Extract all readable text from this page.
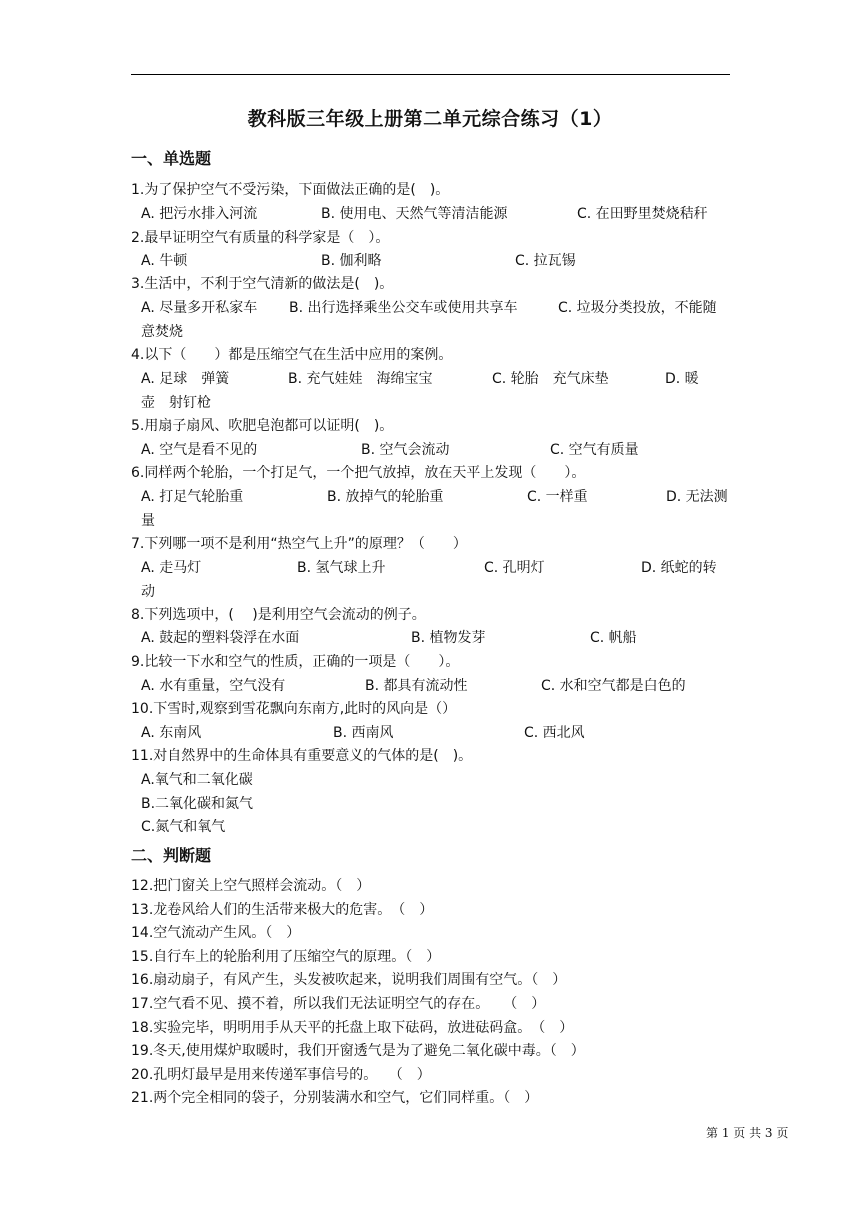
教科版三年级上册第二单元综合练习（1）
一、单选题
1.为了保护空气不受污染，下面做法正确的是(　)。
A. 把污水排入河流	B. 使用电、天然气等清洁能源	C. 在田野里焚烧秸秆
2.最早证明空气有质量的科学家是（　）。
A. 牛顿	B. 伽利略	C. 拉瓦锡
3.生活中，不利于空气清新的做法是(　)。
A. 尽量多开私家车 B. 出行选择乘坐公交车或使用共享车	C. 垃圾分类投放，不能随
意焚烧
4.以下（　　）都是压缩空气在生活中应用的案例。
A. 足球　弹簧	B. 充气娃娃　海绵宝宝	C. 轮胎　充气床垫	D. 暖
壶　射钉枪
5.用扇子扇风、吹肥皂泡都可以证明(　)。
A. 空气是看不见的	B. 空气会流动	C. 空气有质量
6.同样两个轮胎，一个打足气，一个把气放掉，放在天平上发现（　　）。
A. 打足气轮胎重	B. 放掉气的轮胎重	C. 一样重	D. 无法测
量
7.下列哪一项不是利用“热空气上升”的原理？（　　）
A. 走马灯	B. 氢气球上升	C. 孔明灯	D. 纸蛇的转
动
8.下列选项中，(　 )是利用空气会流动的例子。
A. 鼓起的塑料袋浮在水面	B. 植物发芽	C. 帆船
9.比较一下水和空气的性质，正确的一项是（　　）。
A. 水有重量，空气没有	B. 都具有流动性	C. 水和空气都是白色的
10.下雪时,观察到雪花飘向东南方,此时的风向是（）
A. 东南风	B. 西南风	C. 西北风
11.对自然界中的生命体具有重要意义的气体的是(　)。
A.氧气和二氧化碳
B.二氧化碳和氮气
C.氮气和氧气
二、判断题
12.把门窗关上空气照样会流动。（　）
13.龙卷风给人们的生活带来极大的危害。　（　）
14.空气流动产生风。（　）
15.自行车上的轮胎利用了压缩空气的原理。（　）
16.扇动扇子，有风产生，头发被吹起来，说明我们周围有空气。（　）
17.空气看不见、摸不着，所以我们无法证明空气的存在。　　（　）
18.实验完毕，明明用手从天平的托盘上取下砝码，放进砝码盒。　（　）
19.冬天,使用煤炉取暖时，我们开窗透气是为了避免二氧化碳中毒。（　）
20.孔明灯最早是用来传递军事信号的。　 （　）
21.两个完全相同的袋子，分别装满水和空气，它们同样重。（　）
第 1 页 共 3 页
